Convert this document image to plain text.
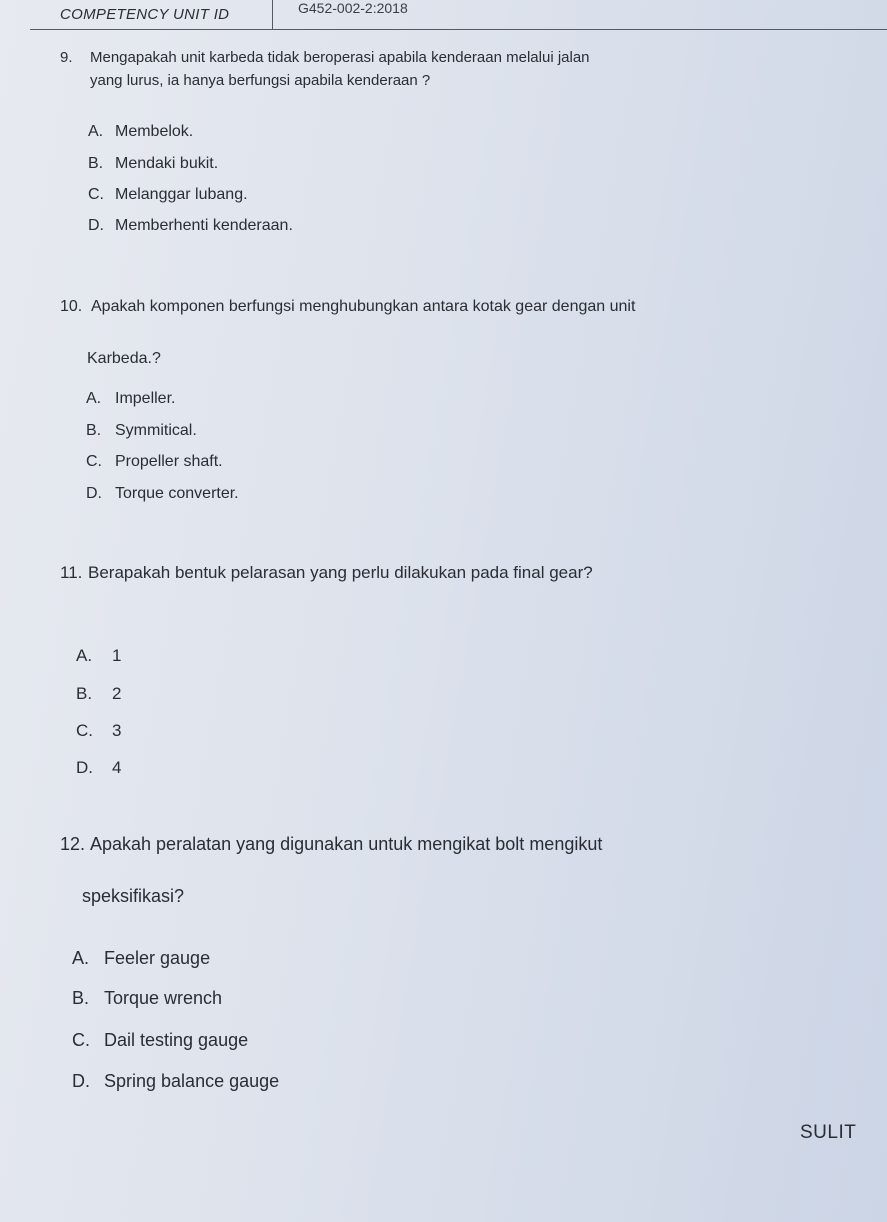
COMPETENCY UNIT ID	G452-002-2:2018
9. Mengapakah unit karbeda tidak beroperasi apabila kenderaan melalui jalan
yang lurus, ia hanya berfungsi apabila kenderaan ?
A. Membelok.
B. Mendaki bukit.
C. Melanggar lubang.
D. Memberhenti kenderaan.
10. Apakah komponen berfungsi menghubungkan antara kotak gear dengan unit
Karbeda.?
A. Impeller.
B. Symmitical.
C. Propeller shaft.
D. Torque converter.
11. Berapakah bentuk pelarasan yang perlu dilakukan pada final gear?
A. 1
B. 2
C. 3
D. 4
12. Apakah peralatan yang digunakan untuk mengikat bolt mengikut
speksifikasi?
A. Feeler gauge
B. Torque wrench
C. Dail testing gauge
D. Spring balance gauge
SULIT
